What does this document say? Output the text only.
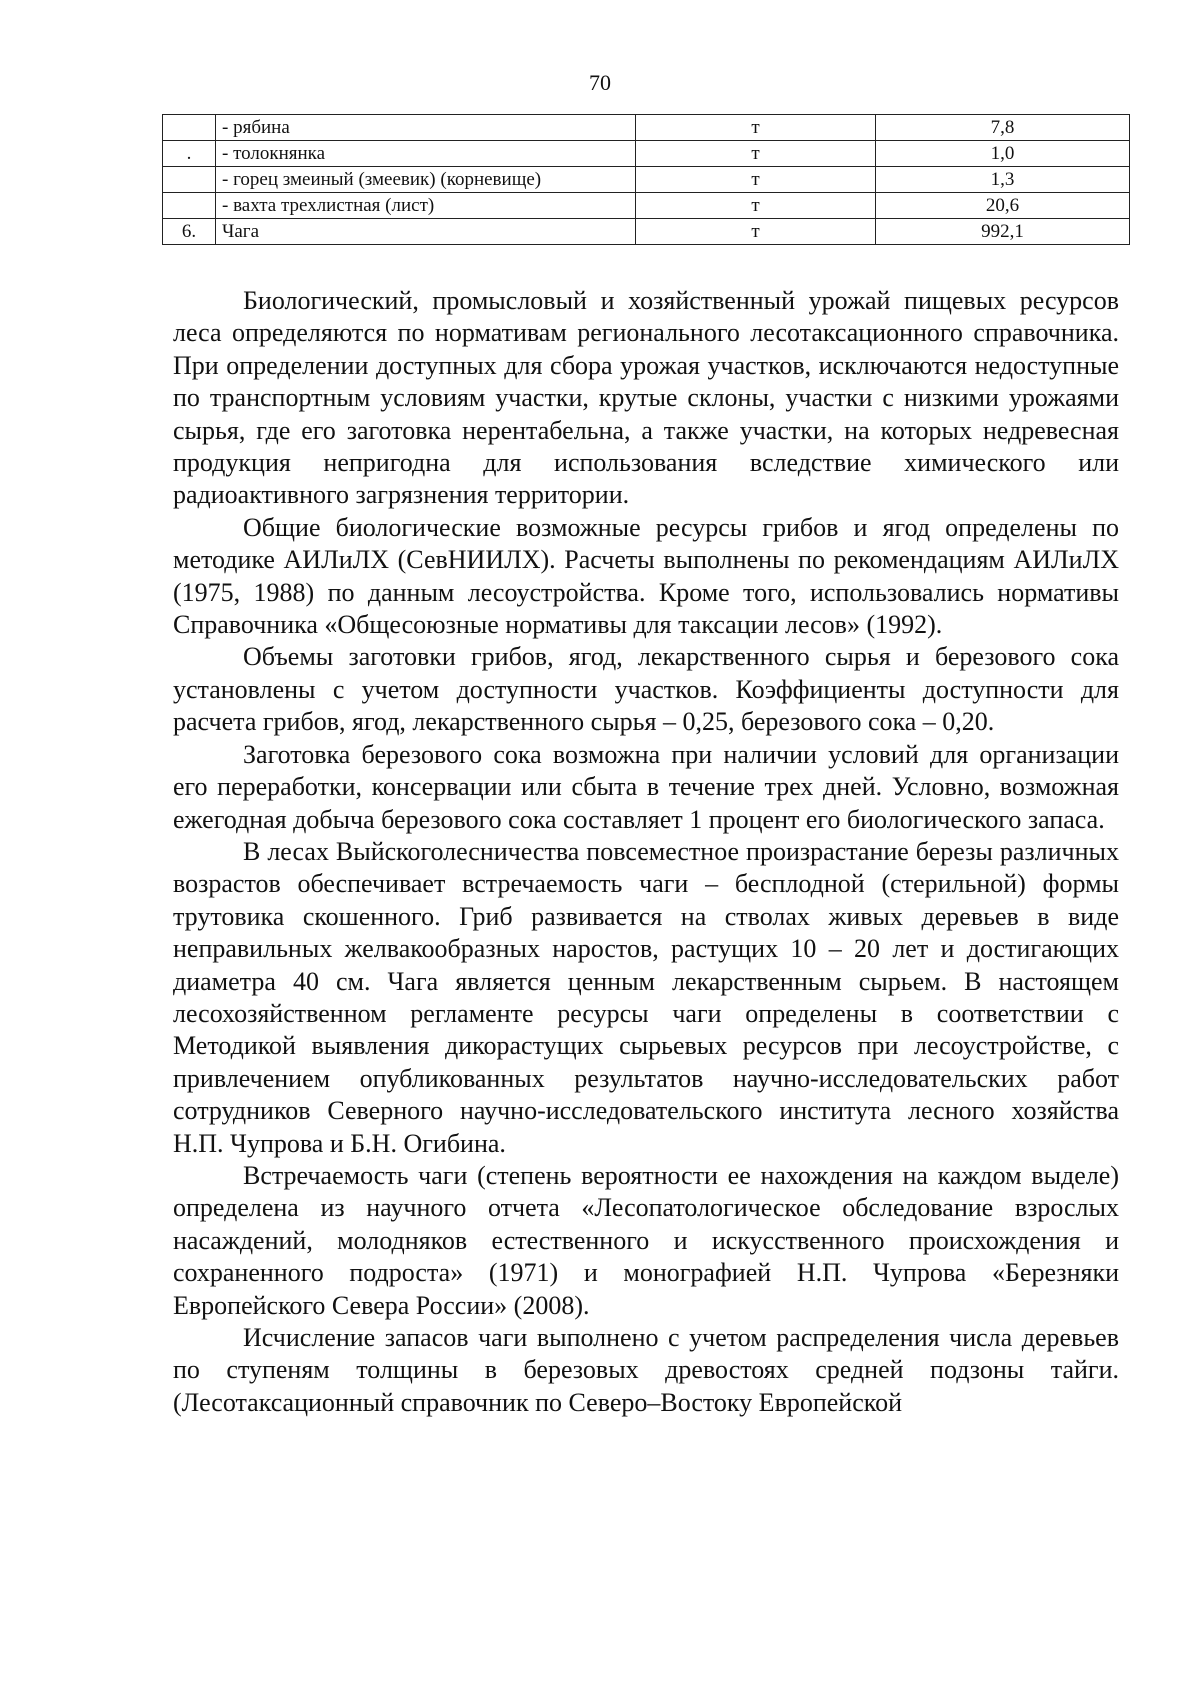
70
	- рябина	т	7,8
.	- толокнянка	т	1,0
	- горец змеиный (змеевик) (корневище)	т	1,3
	- вахта трехлистная (лист)	т	20,6
6.	Чага	т	992,1

Биологический, промысловый и хозяйственный урожай пищевых ресурсов леса определяются по нормативам регионального лесотаксационного справочника. При определении доступных для сбора урожая участков, исключаются недоступные по транспортным условиям участки, крутые склоны, участки с низкими урожаями сырья, где его заготовка нерентабельна, а также участки, на которых недревесная продукция непригодна для использования вследствие химического или радиоактивного загрязнения территории.

Общие биологические возможные ресурсы грибов и ягод определены по методике АИЛиЛХ (СевНИИЛХ). Расчеты выполнены по рекомендациям АИЛиЛХ (1975, 1988) по данным лесоустройства. Кроме того, использовались нормативы Справочника «Общесоюзные нормативы для таксации лесов» (1992).

Объемы заготовки грибов, ягод, лекарственного сырья и березового сока установлены с учетом доступности участков. Коэффициенты доступности для расчета грибов, ягод, лекарственного сырья – 0,25, березового сока – 0,20.

Заготовка березового сока возможна при наличии условий для организации его переработки, консервации или сбыта в течение трех дней. Условно, возможная ежегодная добыча березового сока составляет 1 процент его биологического запаса.

В лесах Выйскоголесничества повсеместное произрастание березы различных возрастов обеспечивает встречаемость чаги – бесплодной (стерильной) формы трутовика скошенного. Гриб развивается на стволах живых деревьев в виде неправильных желвакообразных наростов, растущих 10 – 20 лет и достигающих диаметра 40 см. Чага является ценным лекарственным сырьем. В настоящем лесохозяйственном регламенте ресурсы чаги определены в соответствии с Методикой выявления дикорастущих сырьевых ресурсов при лесоустройстве, с привлечением опубликованных результатов научно-исследовательских работ сотрудников Северного научно-исследовательского института лесного хозяйства Н.П. Чупрова и Б.Н. Огибина.

Встречаемость чаги (степень вероятности ее нахождения на каждом выделе) определена из научного отчета «Лесопатологическое обследование взрослых насаждений, молодняков естественного и искусственного происхождения и сохраненного подроста» (1971) и монографией Н.П. Чупрова «Березняки Европейского Севера России» (2008).

Исчисление запасов чаги выполнено с учетом распределения числа деревьев по ступеням толщины в березовых древостоях средней подзоны тайги. (Лесотаксационный справочник по Северо–Востоку Европейской
